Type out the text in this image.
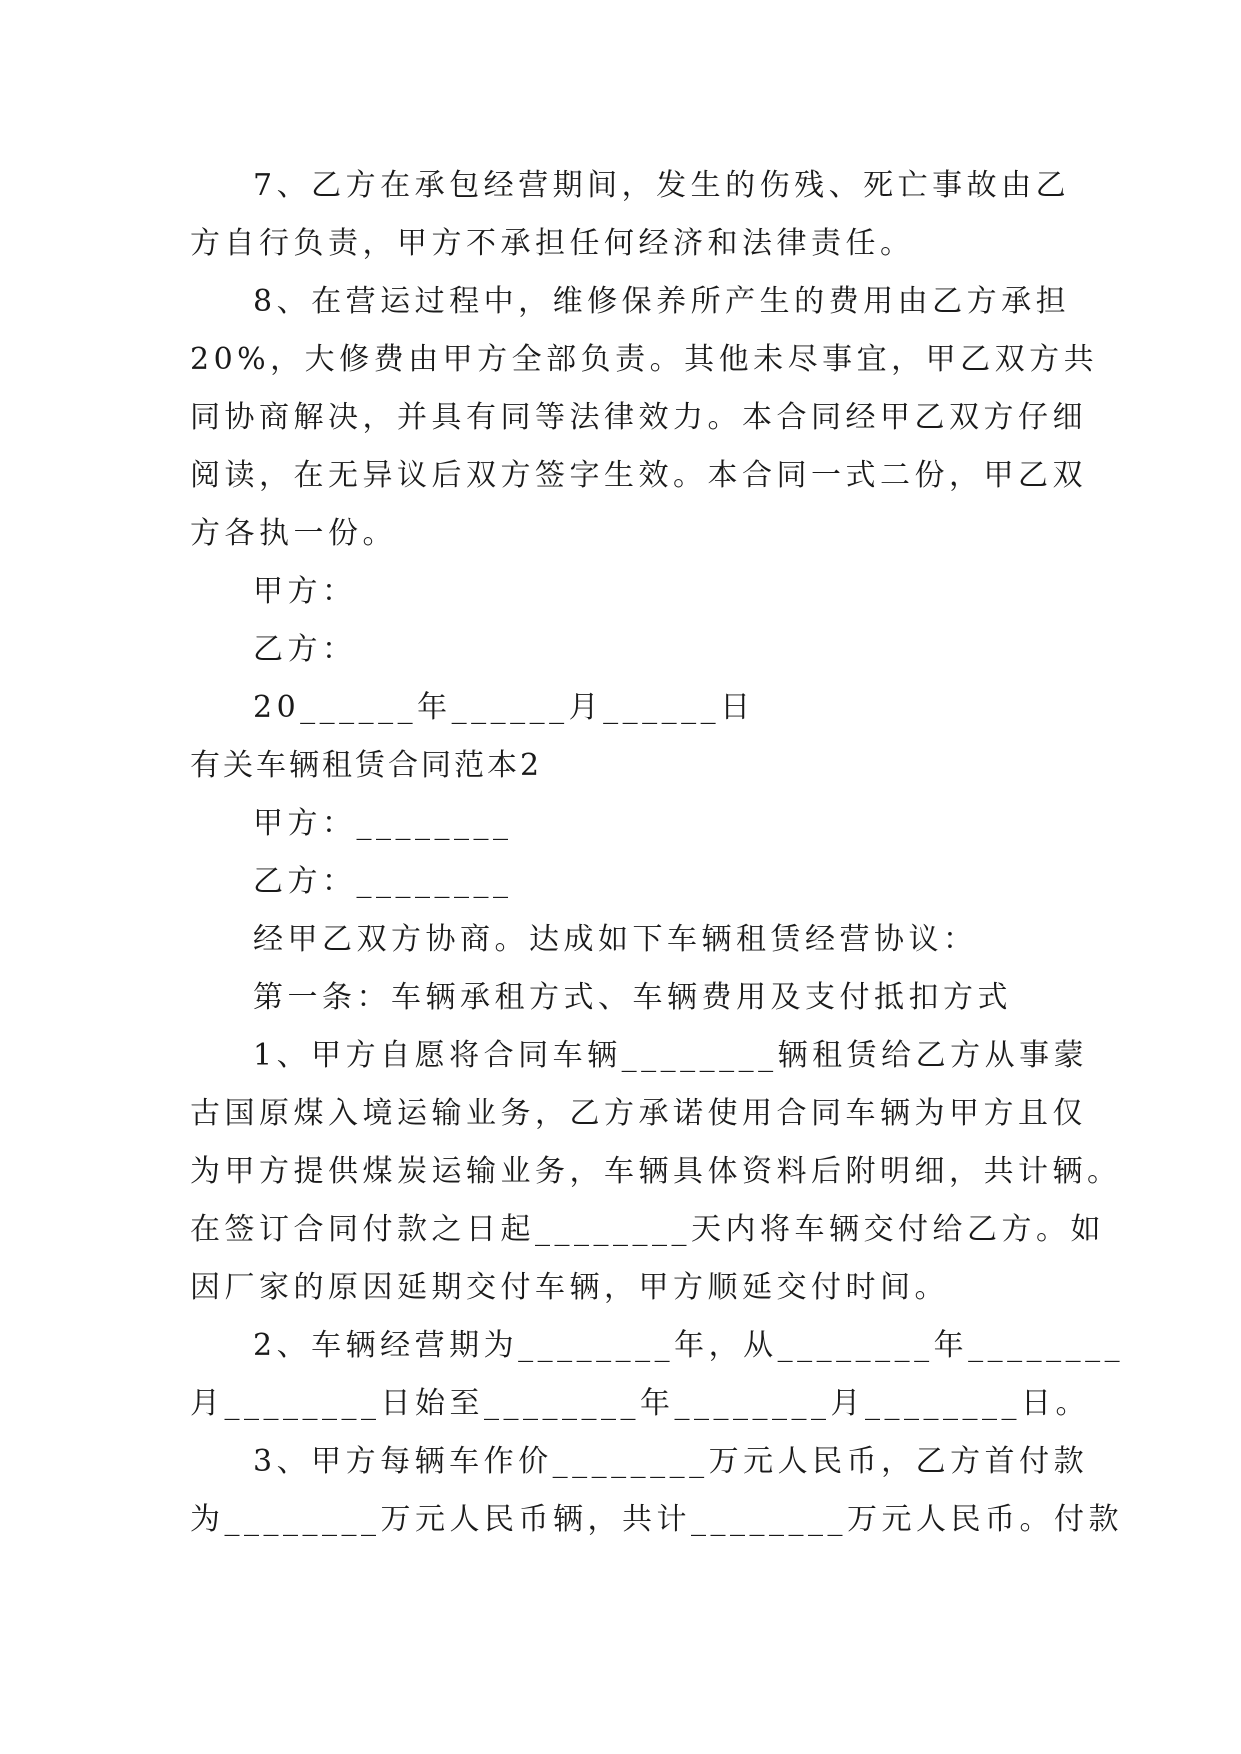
7、乙方在承包经营期间，发生的伤残、死亡事故由乙
方自行负责，甲方不承担任何经济和法律责任。
8、在营运过程中，维修保养所产生的费用由乙方承担
20%，大修费由甲方全部负责。其他未尽事宜，甲乙双方共
同协商解决，并具有同等法律效力。本合同经甲乙双方仔细
阅读，在无异议后双方签字生效。本合同一式二份，甲乙双
方各执一份。
甲方：
乙方：
20______年______月______日
有关车辆租赁合同范本2
甲方：________
乙方：________
经甲乙双方协商。达成如下车辆租赁经营协议：
第一条：车辆承租方式、车辆费用及支付抵扣方式
1、甲方自愿将合同车辆________辆租赁给乙方从事蒙
古国原煤入境运输业务，乙方承诺使用合同车辆为甲方且仅
为甲方提供煤炭运输业务，车辆具体资料后附明细，共计辆。
在签订合同付款之日起________天内将车辆交付给乙方。如
因厂家的原因延期交付车辆，甲方顺延交付时间。
2、车辆经营期为________年，从________年________
月________日始至________年________月________日。
3、甲方每辆车作价________万元人民币，乙方首付款
为________万元人民币辆，共计________万元人民币。付款
